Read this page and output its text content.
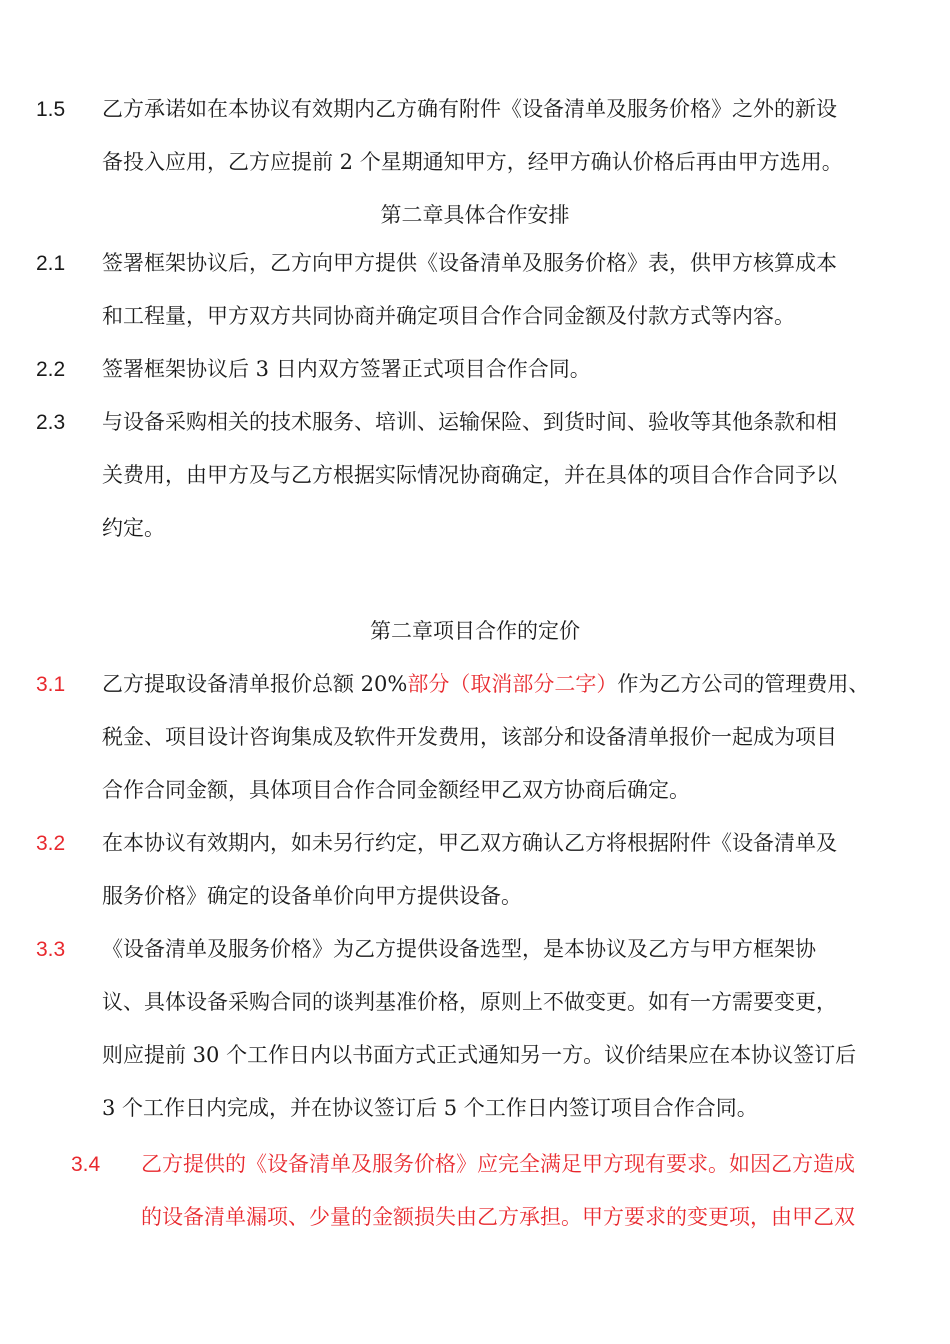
1.5 乙方承诺如在本协议有效期内乙方确有附件《设备清单及服务价格》之外的新设
备投入应用，乙方应提前 2 个星期通知甲方，经甲方确认价格后再由甲方选用。
第二章具体合作安排
2.1 签署框架协议后，乙方向甲方提供《设备清单及服务价格》表，供甲方核算成本
和工程量，甲方双方共同协商并确定项目合作合同金额及付款方式等内容。
2.2 签署框架协议后 3 日内双方签署正式项目合作合同。
2.3 与设备采购相关的技术服务、培训、运输保险、到货时间、验收等其他条款和相
关费用，由甲方及与乙方根据实际情况协商确定，并在具体的项目合作合同予以
约定。
第二章项目合作的定价
3.1 乙方提取设备清单报价总额 20%部分（取消部分二字）作为乙方公司的管理费用、
税金、项目设计咨询集成及软件开发费用，该部分和设备清单报价一起成为项目
合作合同金额，具体项目合作合同金额经甲乙双方协商后确定。
3.2 在本协议有效期内，如未另行约定，甲乙双方确认乙方将根据附件《设备清单及
服务价格》确定的设备单价向甲方提供设备。
3.3 《设备清单及服务价格》为乙方提供设备选型，是本协议及乙方与甲方框架协
议、具体设备采购合同的谈判基准价格，原则上不做变更。如有一方需要变更，
则应提前 30 个工作日内以书面方式正式通知另一方。议价结果应在本协议签订后
3 个工作日内完成，并在协议签订后 5 个工作日内签订项目合作合同。
3.4 乙方提供的《设备清单及服务价格》应完全满足甲方现有要求。如因乙方造成
的设备清单漏项、少量的金额损失由乙方承担。甲方要求的变更项，由甲乙双
